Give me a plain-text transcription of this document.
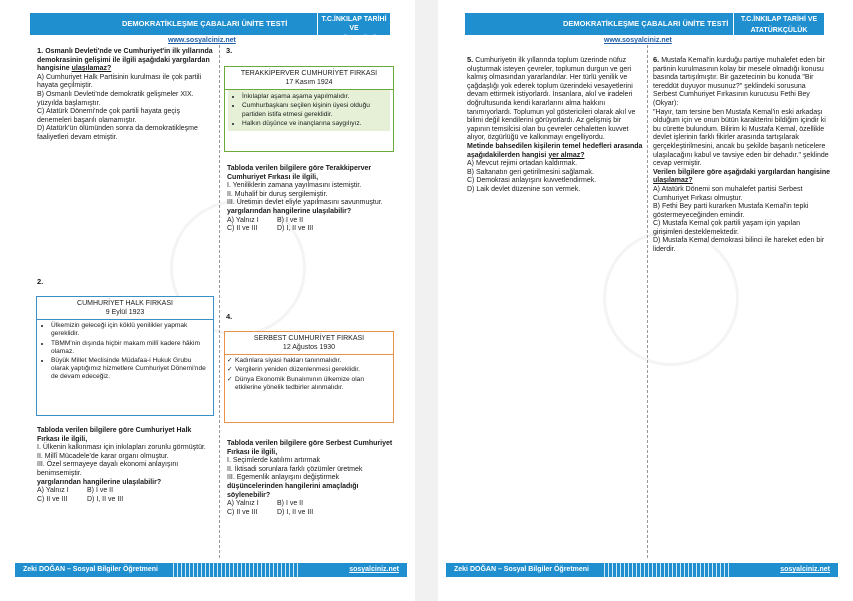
DEMOKRATİKLEŞME ÇABALARI ÜNİTE TESTİ	T.C.İNKILAP TARİHİ VE
ATATÜRKÇÜLÜK
www.sosyalciniz.net

1. Osmanlı Devleti'nde ve Cumhuriyet'in ilk yıllarında demokrasinin gelişimi ile ilgili aşağıdaki yargılardan hangisine ulaşılamaz?

A) Cumhuriyet Halk Partisinin kurulması ile çok partili hayata geçilmiştir.

B) Osmanlı Devleti'nde demokratik gelişmeler XIX. yüzyılda başlamıştır.

C) Atatürk Dönemi'nde çok partili hayata geçiş denemeleri başarılı olamamıştır.

D) Atatürk'ün ölümünden sonra da demokratikleşme faaliyetleri devam etmiştir.

2.
CUMHURİYET HALK FIRKASI
9 Eylül 1923
• Ülkemizin geleceği için köklü yenilikler yapmak gereklidir.
• TBMM'nin dışında hiçbir makam millî kadere hâkim olamaz.
• Büyük Millet Meclisinde Müdafaa-i Hukuk Grubu olarak yaptığımız hizmetlere Cumhuriyet Dönemi'nde de devam edeceğiz.

Tabloda verilen bilgilere göre Cumhuriyet Halk Fırkası ile ilgili,

I. Ülkenin kalkınması için inkılapları zorunlu görmüştür.

II. Millî Mücadele'de karar organı olmuştur.

III. Özel sermayeye dayalı ekonomi anlayışını benimsemiştir.

yargılarından hangilerine ulaşılabilir?

A) Yalnız I	B) I ve II

C) II ve III	D) I, II ve III

3.
TERAKKİPERVER CUMHURİYET FIRKASI
17 Kasım 1924
• İnkılaplar aşama aşama yapılmalıdır.
• Cumhurbaşkanı seçilen kişinin üyesi olduğu partiden istifa etmesi gereklidir.
• Halkın düşünce ve inançlarına saygılıyız.

Tabloda verilen bilgilere göre Terakkiperver Cumhuriyet Fırkası ile ilgili,

I. Yeniliklerin zamana yayılmasını istemiştir.

II. Muhalif bir duruş sergilemiştir.

III. Üretimin devlet eliyle yapılmasını savunmuştur.

yargılarından hangilerine ulaşılabilir?

A) Yalnız I	B) I ve II

C) II ve III	D) I, II ve III

4.
SERBEST CUMHURİYET FIRKASI
12 Ağustos 1930
✓ Kadınlara siyasi hakları tanınmalıdır.
✓ Vergilerin yeniden düzenlenmesi gereklidir.
✓ Dünya Ekonomik Bunalımının ülkemize olan etkilerine yönelik tedbirler alınmalıdır.

Tabloda verilen bilgilere göre Serbest Cumhuriyet Fırkası ile ilgili,

I. Seçimlerde katılımı artırmak

II. İktisadi sorunlara farklı çözümler üretmek

III. Egemenlik anlayışını değiştirmek

düşüncelerinden hangilerini amaçladığı söylenebilir?

A) Yalnız I	B) I ve II

C) II ve III	D) I, II ve III

Zeki DOĞAN – Sosyal Bilgiler Öğretmeni	sosyalciniz.net
DEMOKRATİKLEŞME ÇABALARI ÜNİTE TESTİ	T.C.İNKILAP TARİHİ VE
ATATÜRKÇÜLÜK
www.sosyalciniz.net

5. Cumhuriyetin ilk yıllarında toplum üzerinde nüfuz oluşturmak isteyen çevreler, toplumun durgun ve geri kalmış olmasından yararlandılar. Her türlü yenilik ve çağdaşlığı yok ederek toplum üzerindeki vesayetlerini devam ettirmek istiyorlardı. İnsanlara, akıl ve iradeleri doğrultusunda kendi kararlarını alma hakkını tanımıyorlardı. Toplumun yol göstericileri olarak akıl ve bilimi değil kendilerini görüyorlardı. Az gelişmiş bir yapının temsilcisi olan bu çevreler cehaletten kuvvet alıyor, özgürlüğü ve kalkınmayı engelliyordu.

Metinde bahsedilen kişilerin temel hedefleri arasında aşağıdakilerden hangisi yer almaz?

A) Mevcut rejimi ortadan kaldırmak.

B) Saltanatın geri getirilmesini sağlamak.

C) Demokrasi anlayışını kuvvetlendirmek.

D) Laik devlet düzenine son vermek.

6. Mustafa Kemal'in kurduğu partiye muhalefet eden bir partinin kurulmasının kolay bir mesele olmadığı konusu basında tartışılmıştır. Bir gazetecinin bu konuda "Bir tereddüt duyuyor musunuz?" şeklindeki sorusuna Serbest Cumhuriyet Fırkasının kurucusu Fethi Bey (Okyar):

"Hayır, tam tersine ben Mustafa Kemal'in eski arkadaşı olduğum için ve onun bütün karakterini bildiğim içindir ki bu cürette bulundum. Bilirim ki Mustafa Kemal, özellikle devlet işlerinin farklı fikirler arasında tartışılarak gerçekleştirilmesini, ancak bu şekilde başarılı neticelere ulaşılacağını kabul ve tavsiye eden bir dehadır." şeklinde cevap vermiştir.

Verilen bilgilere göre aşağıdaki yargılardan hangisine ulaşılamaz?

A) Atatürk Dönemi son muhalefet partisi Serbest Cumhuriyet Fırkası olmuştur.

B) Fethi Bey parti kurarken Mustafa Kemal'in tepki göstermeyeceğinden emindir.

C) Mustafa Kemal çok partili yaşam için yapılan girişimleri desteklemektedir.

D) Mustafa Kemal demokrasi bilinci ile hareket eden bir liderdir.

Zeki DOĞAN – Sosyal Bilgiler Öğretmeni	sosyalciniz.net
